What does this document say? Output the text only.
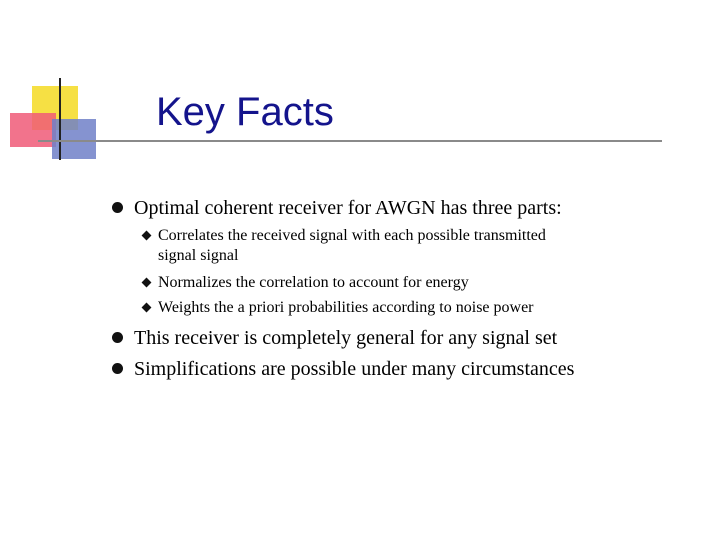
Key Facts
Optimal coherent receiver for AWGN has three parts:
Correlates the received signal with each possible transmitted
signal signal
Normalizes the correlation to account for energy
Weights the a priori probabilities according to noise power
This receiver is completely general for any signal set
Simplifications are possible under many circumstances
